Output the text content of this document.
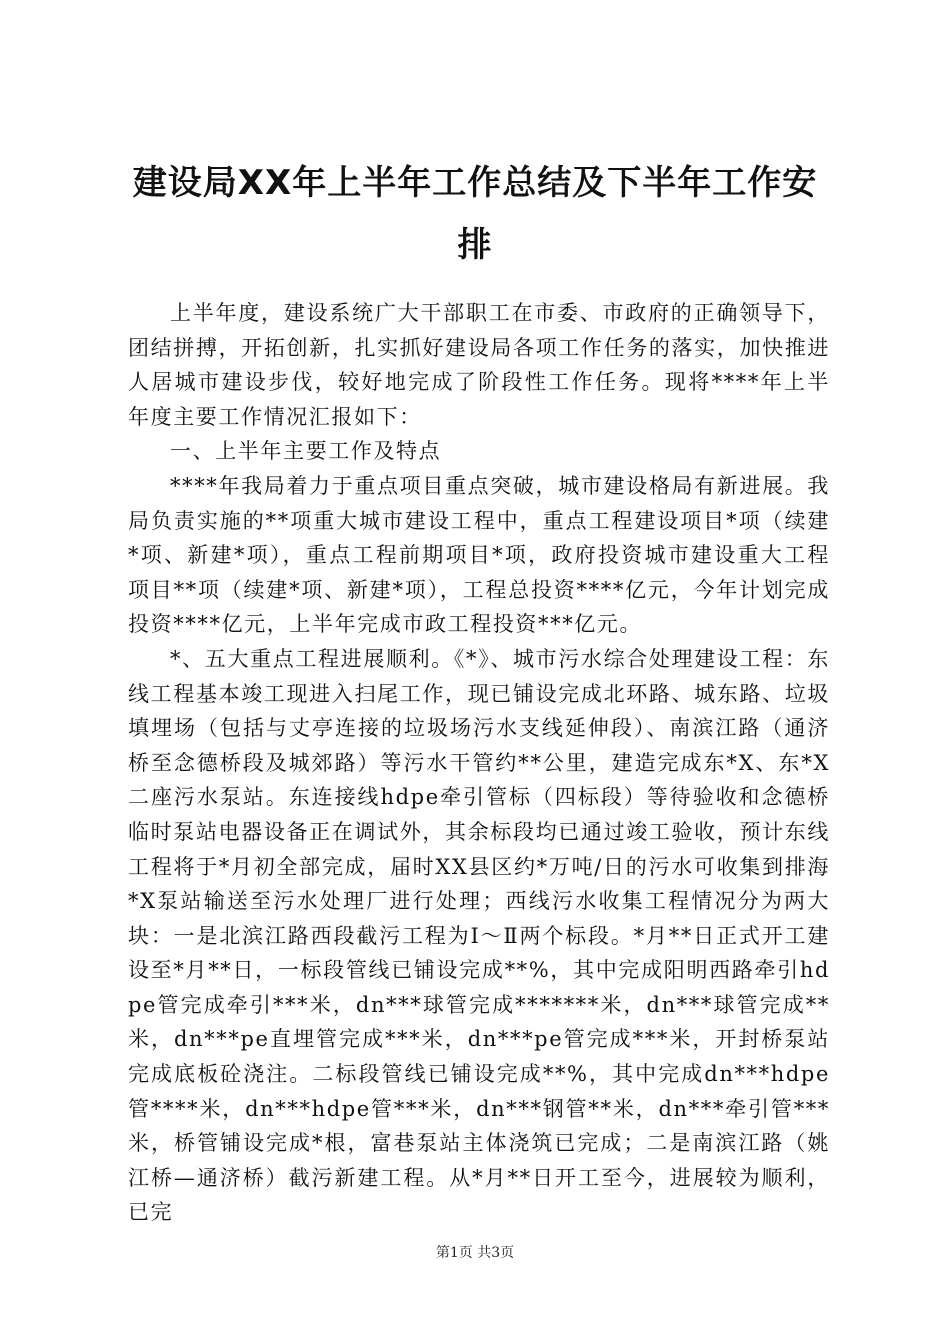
建设局XX年上半年工作总结及下半年工作安
排

上半年度，建设系统广大干部职工在市委、市政府的正确领导下，团结拼搏，开拓创新，扎实抓好建设局各项工作任务的落实，加快推进人居城市建设步伐，较好地完成了阶段性工作任务。现将****年上半年度主要工作情况汇报如下：

一、上半年主要工作及特点

****年我局着力于重点项目重点突破，城市建设格局有新进展。我局负责实施的**项重大城市建设工程中，重点工程建设项目*项（续建*项、新建*项），重点工程前期项目*项，政府投资城市建设重大工程项目**项（续建*项、新建*项），工程总投资****亿元，今年计划完成投资****亿元，上半年完成市政工程投资***亿元。

*、五大重点工程进展顺利。《*》、城市污水综合处理建设工程：东线工程基本竣工现进入扫尾工作，现已铺设完成北环路、城东路、垃圾填埋场（包括与丈亭连接的垃圾场污水支线延伸段）、南滨江路（通济桥至念德桥段及城郊路）等污水干管约**公里，建造完成东*X、东*X二座污水泵站。东连接线hdpe牵引管标（四标段）等待验收和念德桥临时泵站电器设备正在调试外，其余标段均已通过竣工验收，预计东线工程将于*月初全部完成，届时XX县区约*万吨/日的污水可收集到排海*X泵站输送至污水处理厂进行处理；西线污水收集工程情况分为两大块：一是北滨江路西段截污工程为Ⅰ～Ⅱ两个标段。*月**日正式开工建设至*月**日，一标段管线已铺设完成**%，其中完成阳明西路牵引hdpe管完成牵引***米，dn***球管完成*******米，dn***球管完成**米，dn***pe直埋管完成***米，dn***pe管完成***米，开封桥泵站完成底板砼浇注。二标段管线已铺设完成**%，其中完成dn***hdpe管****米，dn***hdpe管***米，dn***钢管**米，dn***牵引管***米，桥管铺设完成*根，富巷泵站主体浇筑已完成；二是南滨江路（姚江桥—通济桥）截污新建工程。从*月**日开工至今，进展较为顺利，已完

第1页 共3页
